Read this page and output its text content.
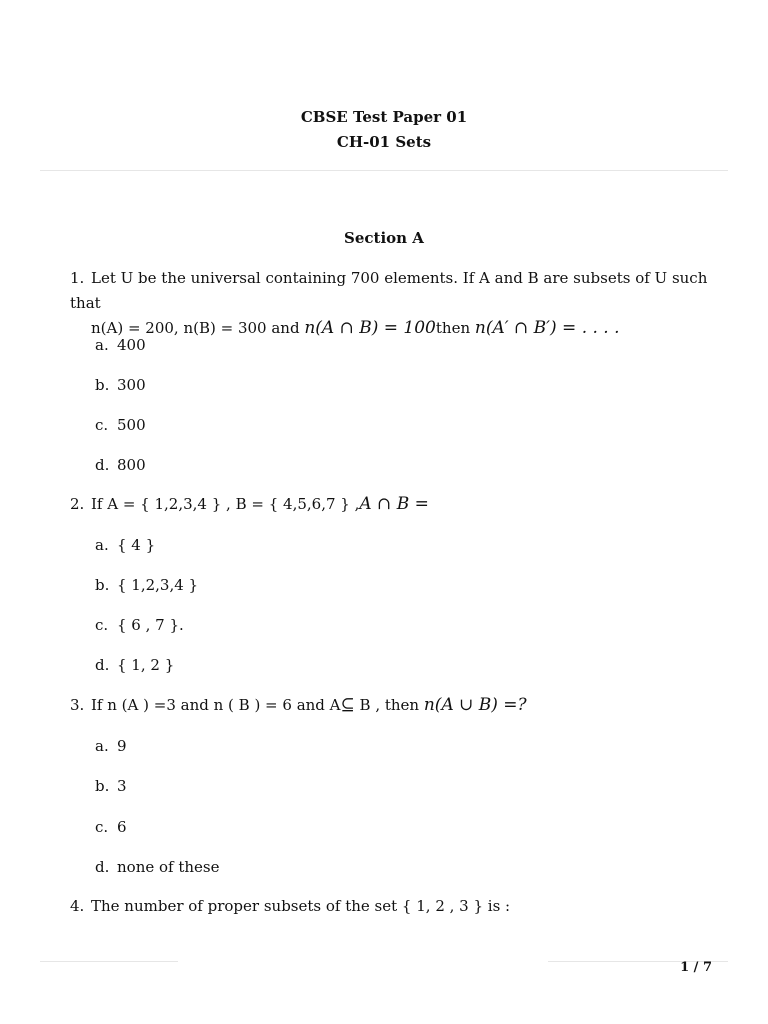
CBSE Test Paper 01
CH-01 Sets
Section A
1. Let U be the universal containing 700 elements. If A and B are subsets of U such that
n(A) = 200, n(B) = 300 and n(A ∩ B) = 100then n(A′ ∩ B′) = . . . .
a. 400
b. 300
c. 500
d. 800
2. If A = { 1,2,3,4 } , B = { 4,5,6,7 } ,A ∩ B =
a. { 4 }
b. { 1,2,3,4 }
c. { 6 , 7 }.
d. { 1, 2 }
3. If n (A ) =3 and n ( B ) = 6 and A⊆ B , then n(A ∪ B) =?
a. 9
b. 3
c. 6
d. none of these
4. The number of proper subsets of the set { 1, 2 , 3 } is :
1 / 7
